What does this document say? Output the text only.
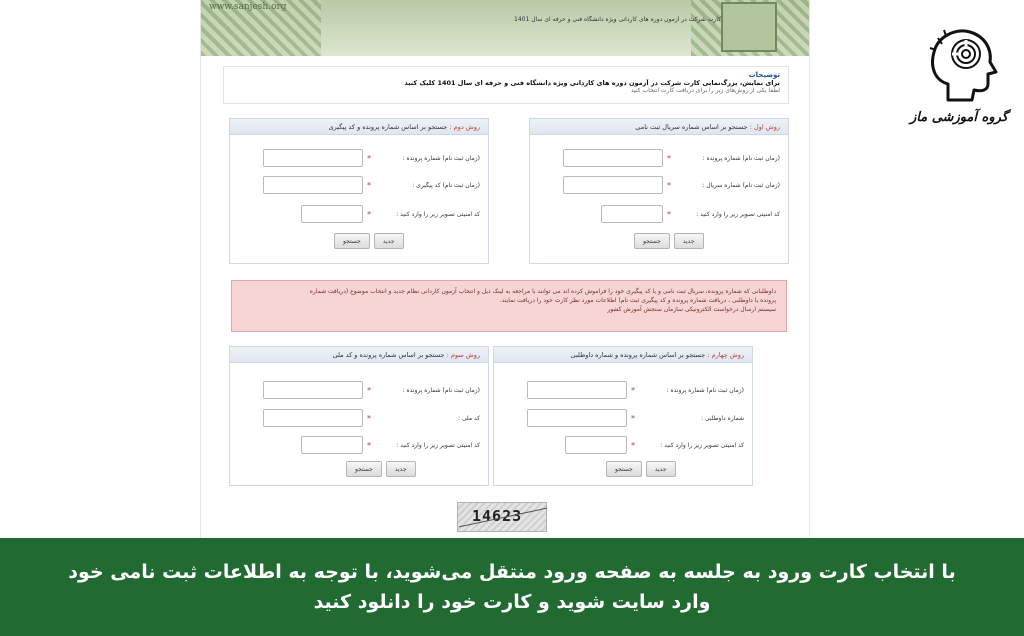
www.sanjesh.org
کارت شرکت در آزمون دوره های کاردانی ویژه دانشگاه فنی و حرفه ای سال 1401
توضیحات
برای نمایش، بزرگ‌نمایی کارت شرکت در آزمون دوره های کاردانی ویژه دانشگاه فنی و حرفه ای سال 1401 کلیک کنید
لطفاً یکی از روش‌های زیر را برای دریافت کارت انتخاب کنید
روش اول : جستجو بر اساس شماره سریال ثبت نامی
(زمان ثبت نام) شماره پرونده :
*
(زمان ثبت نام) شماره سریال :
*
کد امنیتی تصویر زیر را وارد کنید :
*
جدید
جستجو
روش دوم : جستجو بر اساس شماره پرونده و کد پیگیری
(زمان ثبت نام) شماره پرونده :
*
(زمان ثبت نام) کد پیگیری :
*
کد امنیتی تصویر زیر را وارد کنید :
*
جدید
جستجو

داوطلبانی که شماره پرونده، سریال ثبت نامی و یا کد پیگیری خود را فراموش کرده اند می توانند با مراجعه به لینک ذیل و انتخاب آزمون کاردانی نظام جدید و انتخاب موضوع (دریافت شماره

پرونده یا داوطلبی ، دریافت شماره پرونده و کد پیگیری ثبت نام) اطلاعات مورد نظر کارت خود را دریافت نمایند.

سیستم ارسال درخواست الکترونیکی سازمان سنجش آموزش کشور

روش چهارم : جستجو بر اساس شماره پرونده و شماره داوطلبی
(زمان ثبت نام) شماره پرونده :
*
شماره داوطلبی :
*
کد امنیتی تصویر زیر را وارد کنید :
*
جدید
جستجو
روش سوم : جستجو بر اساس شماره پرونده و کد ملی
(زمان ثبت نام) شماره پرونده :
*
کد ملی :
*
کد امنیتی تصویر زیر را وارد کنید :
*
جدید
جستجو
14623
گروه آموزشی ماز
با انتخاب کارت ورود به جلسه به صفحه ورود منتقل می‌شوید، با توجه به اطلاعات ثبت نامی خود
وارد سایت شوید و کارت خود را دانلود کنید
